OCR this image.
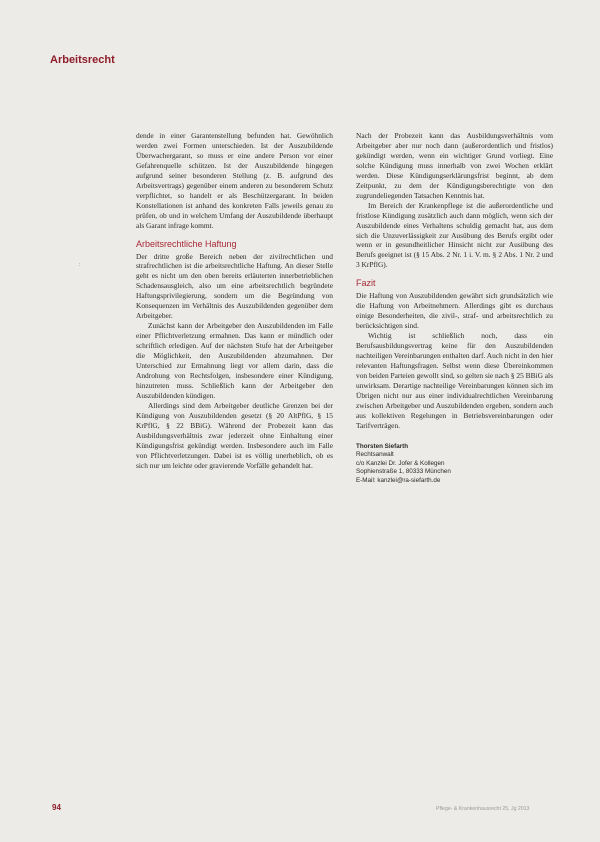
Arbeitsrecht
:

dende in einer Garantenstellung befunden hat. Gewöhnlich werden zwei Formen unterschieden. Ist der Auszubildende Überwachergarant, so muss er eine andere Person vor einer Gefahrenquelle schützen. Ist der Auszubildende hingegen aufgrund seiner besonderen Stellung (z. B. aufgrund des Arbeitsvertrags) gegenüber einem anderen zu besonderem Schutz verpflichtet, so handelt er als Beschützergarant. In beiden Konstellationen ist anhand des konkreten Falls jeweils genau zu prüfen, ob und in welchem Umfang der Auszubildende überhaupt als Garant infrage kommt.

Arbeitsrechtliche Haftung

Der dritte große Bereich neben der zivilrechtlichen und strafrechtlichen ist die arbeitsrechtliche Haftung. An dieser Stelle geht es nicht um den oben bereits erläuterten innerbetrieblichen Schadensausgleich, also um eine arbeitsrechtlich begründete Haftungsprivilegierung, sondern um die Begründung von Konsequenzen im Verhältnis des Auszubildenden gegenüber dem Arbeitgeber.

Zunächst kann der Arbeitgeber den Auszubildenden im Falle einer Pflichtverletzung ermahnen. Das kann er mündlich oder schriftlich erledigen. Auf der nächsten Stufe hat der Arbeitgeber die Möglichkeit, den Auszubildenden abzumahnen. Der Unterschied zur Ermahnung liegt vor allem darin, dass die Androhung von Rechtsfolgen, insbesondere einer Kündigung, hinzutreten muss. Schließlich kann der Arbeitgeber den Auszubildenden kündigen.

Allerdings sind dem Arbeitgeber deutliche Grenzen bei der Kündigung von Auszubildenden gesetzt (§ 20 AltPflG, § 15 KrPflG, § 22 BBiG). Während der Probezeit kann das Ausbildungsverhältnis zwar jederzeit ohne Einhaltung einer Kündigungsfrist gekündigt werden. Insbesondere auch im Falle von Pflichtverletzungen. Dabei ist es völlig unerheblich, ob es sich nur um leichte oder gravierende Vorfälle gehandelt hat.

Nach der Probezeit kann das Ausbildungsverhältnis vom Arbeitgeber aber nur noch dann (außerordentlich und fristlos) gekündigt werden, wenn ein wichtiger Grund vorliegt. Eine solche Kündigung muss innerhalb von zwei Wochen erklärt werden. Diese Kündigungserklärungsfrist beginnt, ab dem Zeitpunkt, zu dem der Kündigungsberechtigte von den zugrundeliegenden Tatsachen Kenntnis hat.

Im Bereich der Krankenpflege ist die außerordentliche und fristlose Kündigung zusätzlich auch dann möglich, wenn sich der Auszubildende eines Verhaltens schuldig gemacht hat, aus dem sich die Unzuverlässigkeit zur Ausübung des Berufs ergibt oder wenn er in gesundheitlicher Hinsicht nicht zur Ausübung des Berufs geeignet ist (§ 15 Abs. 2 Nr. 1 i. V. m. § 2 Abs. 1 Nr. 2 und 3 KrPflG).

Fazit

Die Haftung von Auszubildenden gewährt sich grundsätzlich wie die Haftung von Arbeitnehmern. Allerdings gibt es durchaus einige Besonderheiten, die zivil-, straf- und arbeitsrechtlich zu berücksichtigen sind.

Wichtig ist schließlich noch, dass ein Berufsausbildungsvertrag keine für den Auszubildenden nachteiligen Vereinbarungen enthalten darf. Auch nicht in den hier relevanten Haftungsfragen. Selbst wenn diese Übereinkommen von beiden Parteien gewollt sind, so gelten sie nach § 25 BBiG als unwirksam. Derartige nachteilige Vereinbarungen können sich im Übrigen nicht nur aus einer individualrechtlichen Vereinbarung zwischen Arbeitgeber und Auszubildenden ergeben, sondern auch aus kollektiven Regelungen in Betriebsvereinbarungen oder Tarifverträgen.

Thorsten Siefarth
Rechtsanwalt
c/o Kanzlei Dr. Jofer & Kollegen
Sophienstraße 1, 80333 München
E-Mail: kanzlei@ra-siefarth.de
94	Pflege- & Krankenhausrecht 25, Jg 2013
